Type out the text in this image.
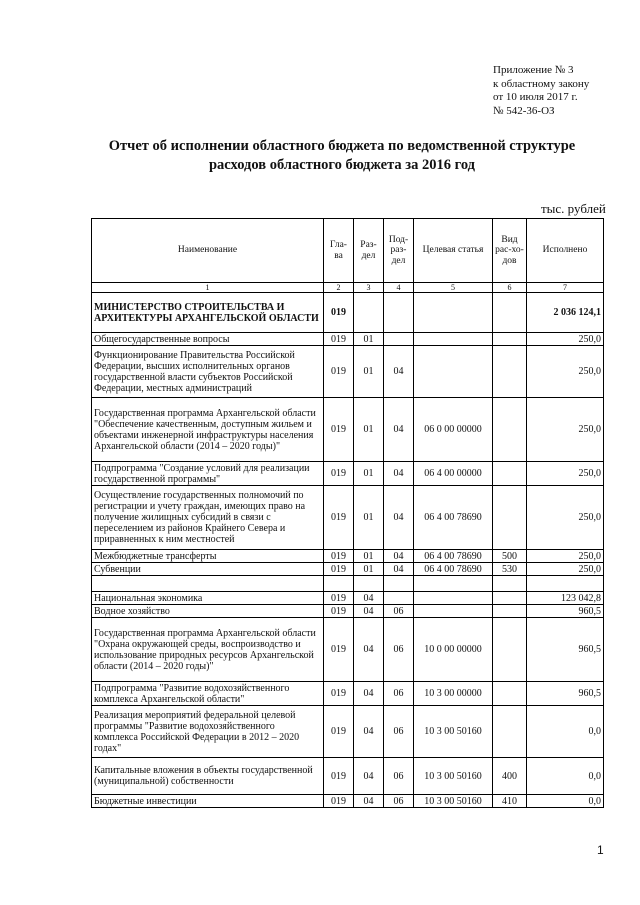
Приложение № 3
к областному закону
от 10 июля 2017 г.
№ 542-36-ОЗ
Отчет об исполнении областного бюджета по ведомственной структуре
расходов областного бюджета за 2016 год
тыс. рублей
Наименование	Гла-ва	Раз-дел	Под-раз-дел	Целевая статья	Вид рас-хо-дов	Исполнено
1	2	3	4	5	6	7
МИНИСТЕРСТВО СТРОИТЕЛЬСТВА И АРХИТЕКТУРЫ АРХАНГЕЛЬСКОЙ ОБЛАСТИ	019					2 036 124,1
Общегосударственные вопросы	019	01				250,0
Функционирование Правительства Российской Федерации, высших исполнительных органов государственной власти субъектов Российской Федерации, местных администраций	019	01	04			250,0
Государственная программа Архангельской области "Обеспечение качественным, доступным жильем и объектами инженерной инфраструктуры населения Архангельской области (2014 – 2020 годы)"	019	01	04	06 0 00 00000		250,0
Подпрограмма "Создание условий для реализации государственной программы"	019	01	04	06 4 00 00000		250,0
Осуществление государственных полномочий по регистрации и учету граждан, имеющих право на получение жилищных субсидий в связи с переселением из районов Крайнего Севера и приравненных к ним местностей	019	01	04	06 4 00 78690		250,0
Межбюджетные трансферты	019	01	04	06 4 00 78690	500	250,0
Субвенции	019	01	04	06 4 00 78690	530	250,0

Национальная экономика	019	04				123 042,8
Водное хозяйство	019	04	06			960,5
Государственная программа Архангельской области "Охрана окружающей среды, воспроизводство и использование природных ресурсов Архангельской области (2014 – 2020 годы)"	019	04	06	10 0 00 00000		960,5
Подпрограмма "Развитие водохозяйственного комплекса Архангельской области"	019	04	06	10 3 00 00000		960,5
Реализация мероприятий федеральной целевой программы "Развитие водохозяйственного комплекса Российской Федерации в 2012 – 2020 годах"	019	04	06	10 3 00 50160		0,0
Капитальные вложения в объекты государственной (муниципальной) собственности	019	04	06	10 3 00 50160	400	0,0
Бюджетные инвестиции	019	04	06	10 3 00 50160	410	0,0
1
